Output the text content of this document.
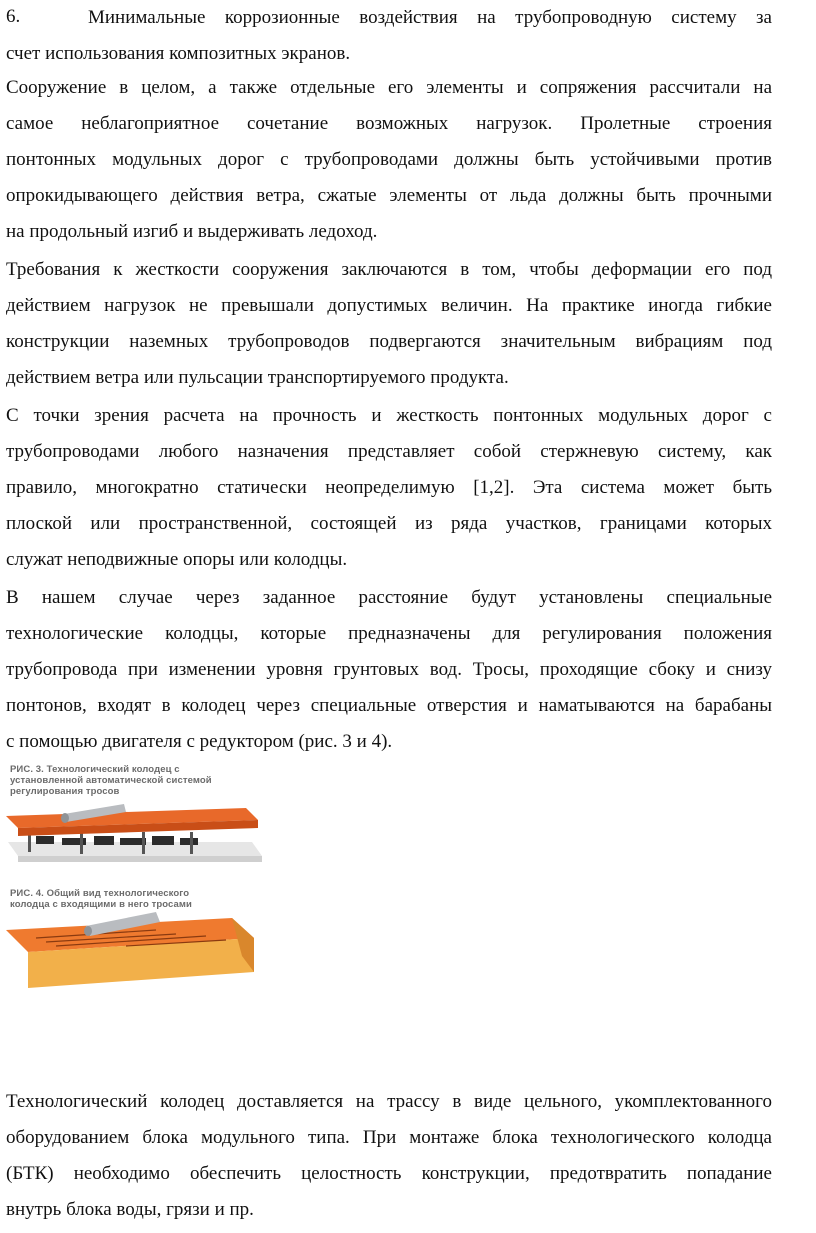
6.	Минимальные коррозионные воздействия на трубопроводную систему за
счет использования композитных экранов.
Сооружение в целом, а также отдельные его элементы и сопряжения рассчитали на
самое неблагоприятное сочетание возможных нагрузок. Пролетные строения
понтонных модульных дорог с трубопроводами должны быть устойчивыми против
опрокидывающего действия ветра, сжатые элементы от льда должны быть прочными
на продольный изгиб и выдерживать ледоход.
Требования к жесткости сооружения заключаются в том, чтобы деформации его под
действием нагрузок не превышали допустимых величин. На практике иногда гибкие
конструкции наземных трубопроводов подвергаются значительным вибрациям под
действием ветра или пульсации транспортируемого продукта.
С точки зрения расчета на прочность и жесткость понтонных модульных дорог с
трубопроводами любого назначения представляет собой стержневую систему, как
правило, многократно статически неопределимую [1,2]. Эта система может быть
плоской или пространственной, состоящей из ряда участков, границами которых
служат неподвижные опоры или колодцы.
В нашем случае через заданное расстояние будут установлены специальные
технологические колодцы, которые предназначены для регулирования положения
трубопровода при изменении уровня грунтовых вод. Тросы, проходящие сбоку и снизу
понтонов, входят в колодец через специальные отверстия и наматываются на барабаны
с помощью двигателя с редуктором (рис. 3 и 4).
РИС. 3. Технологический колодец с
установленной автоматической системой
регулирования тросов
РИС. 4. Общий вид технологического
колодца с входящими в него тросами
Технологический колодец доставляется на трассу в виде цельного, укомплектованного
оборудованием блока модульного типа. При монтаже блока технологического колодца
(БТК) необходимо обеспечить целостность конструкции, предотвратить попадание
внутрь блока воды, грязи и пр.
